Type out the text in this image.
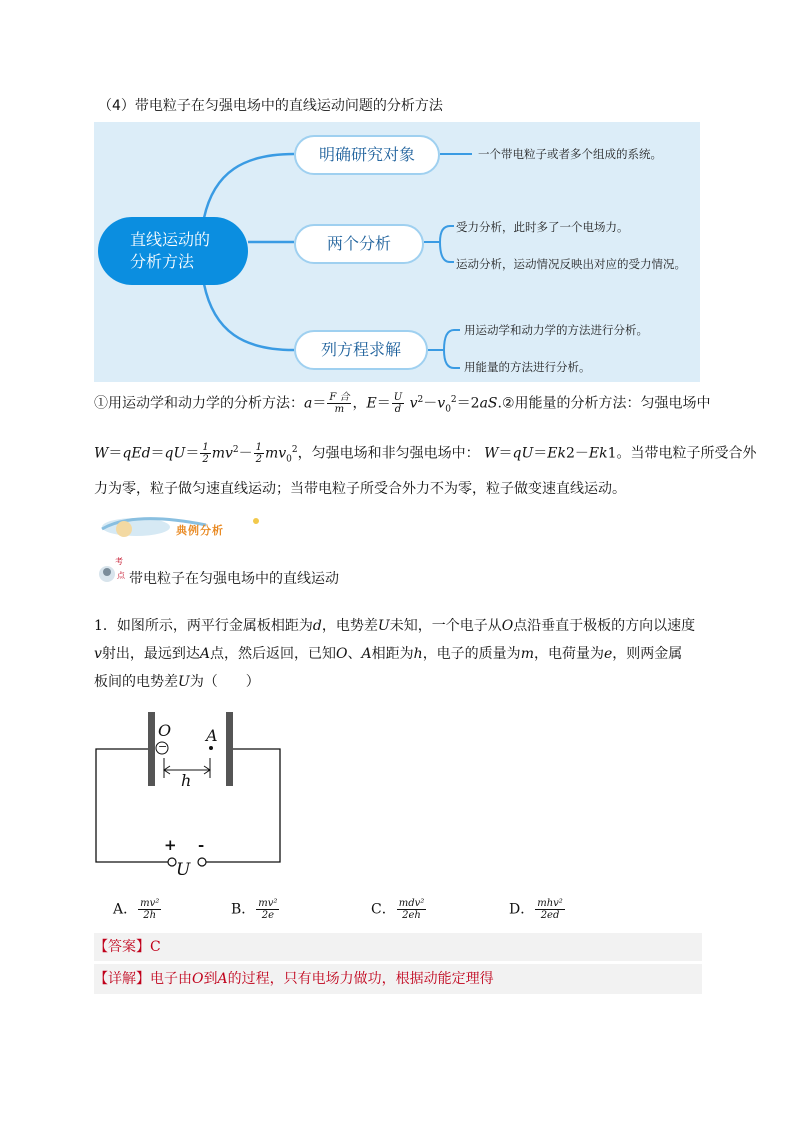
（4）带电粒子在匀强电场中的直线运动问题的分析方法
直线运动的
分析方法
明确研究对象
两个分析
列方程求解
一个带电粒子或者多个组成的系统。
受力分析，此时多了一个电场力。
运动分析，运动情况反映出对应的受力情况。
用运动学和动力学的方法进行分析。
用能量的方法进行分析。
①用运动学和动力学的分析方法：$a= \frac{\text{F 合}}{m}$ ，$E= \frac{U}{d}$ $v^2-v_0^2=2aS.②$用能量的分析方法：匀强电场中
$W=qEd=qU= \frac{1}{2} mv^2- \frac{1}{2} mv_0^2$，匀强电场和非匀强电场中： W＝qU＝Ek2－Ek1。当带电粒子所受合外
力为零，粒子做匀速直线运动；当带电粒子所受合外力不为零，粒子做变速直线运动。
典例分析
考
点 带电粒子在匀强电场中的直线运动
1．如图所示，两平行金属板相距为d，电势差U未知，一个电子从O点沿垂直于极板的方向以速度
v射出，最远到达A点，然后返回，已知O、A相距为h，电子的质量为m，电荷量为e，则两金属
板间的电势差U为（　　）
O
−
A
h
+ -
U
A． $\frac{\text{mv²}}{2h}$	B． $\frac{\text{mv²}}{2e}$	C． $\frac{\text{mdv²}}{2eh}$	D． $\frac{\text{mhv²}}{2ed}$
【答案】C
【详解】电子由O到A的过程，只有电场力做功，根据动能定理得
